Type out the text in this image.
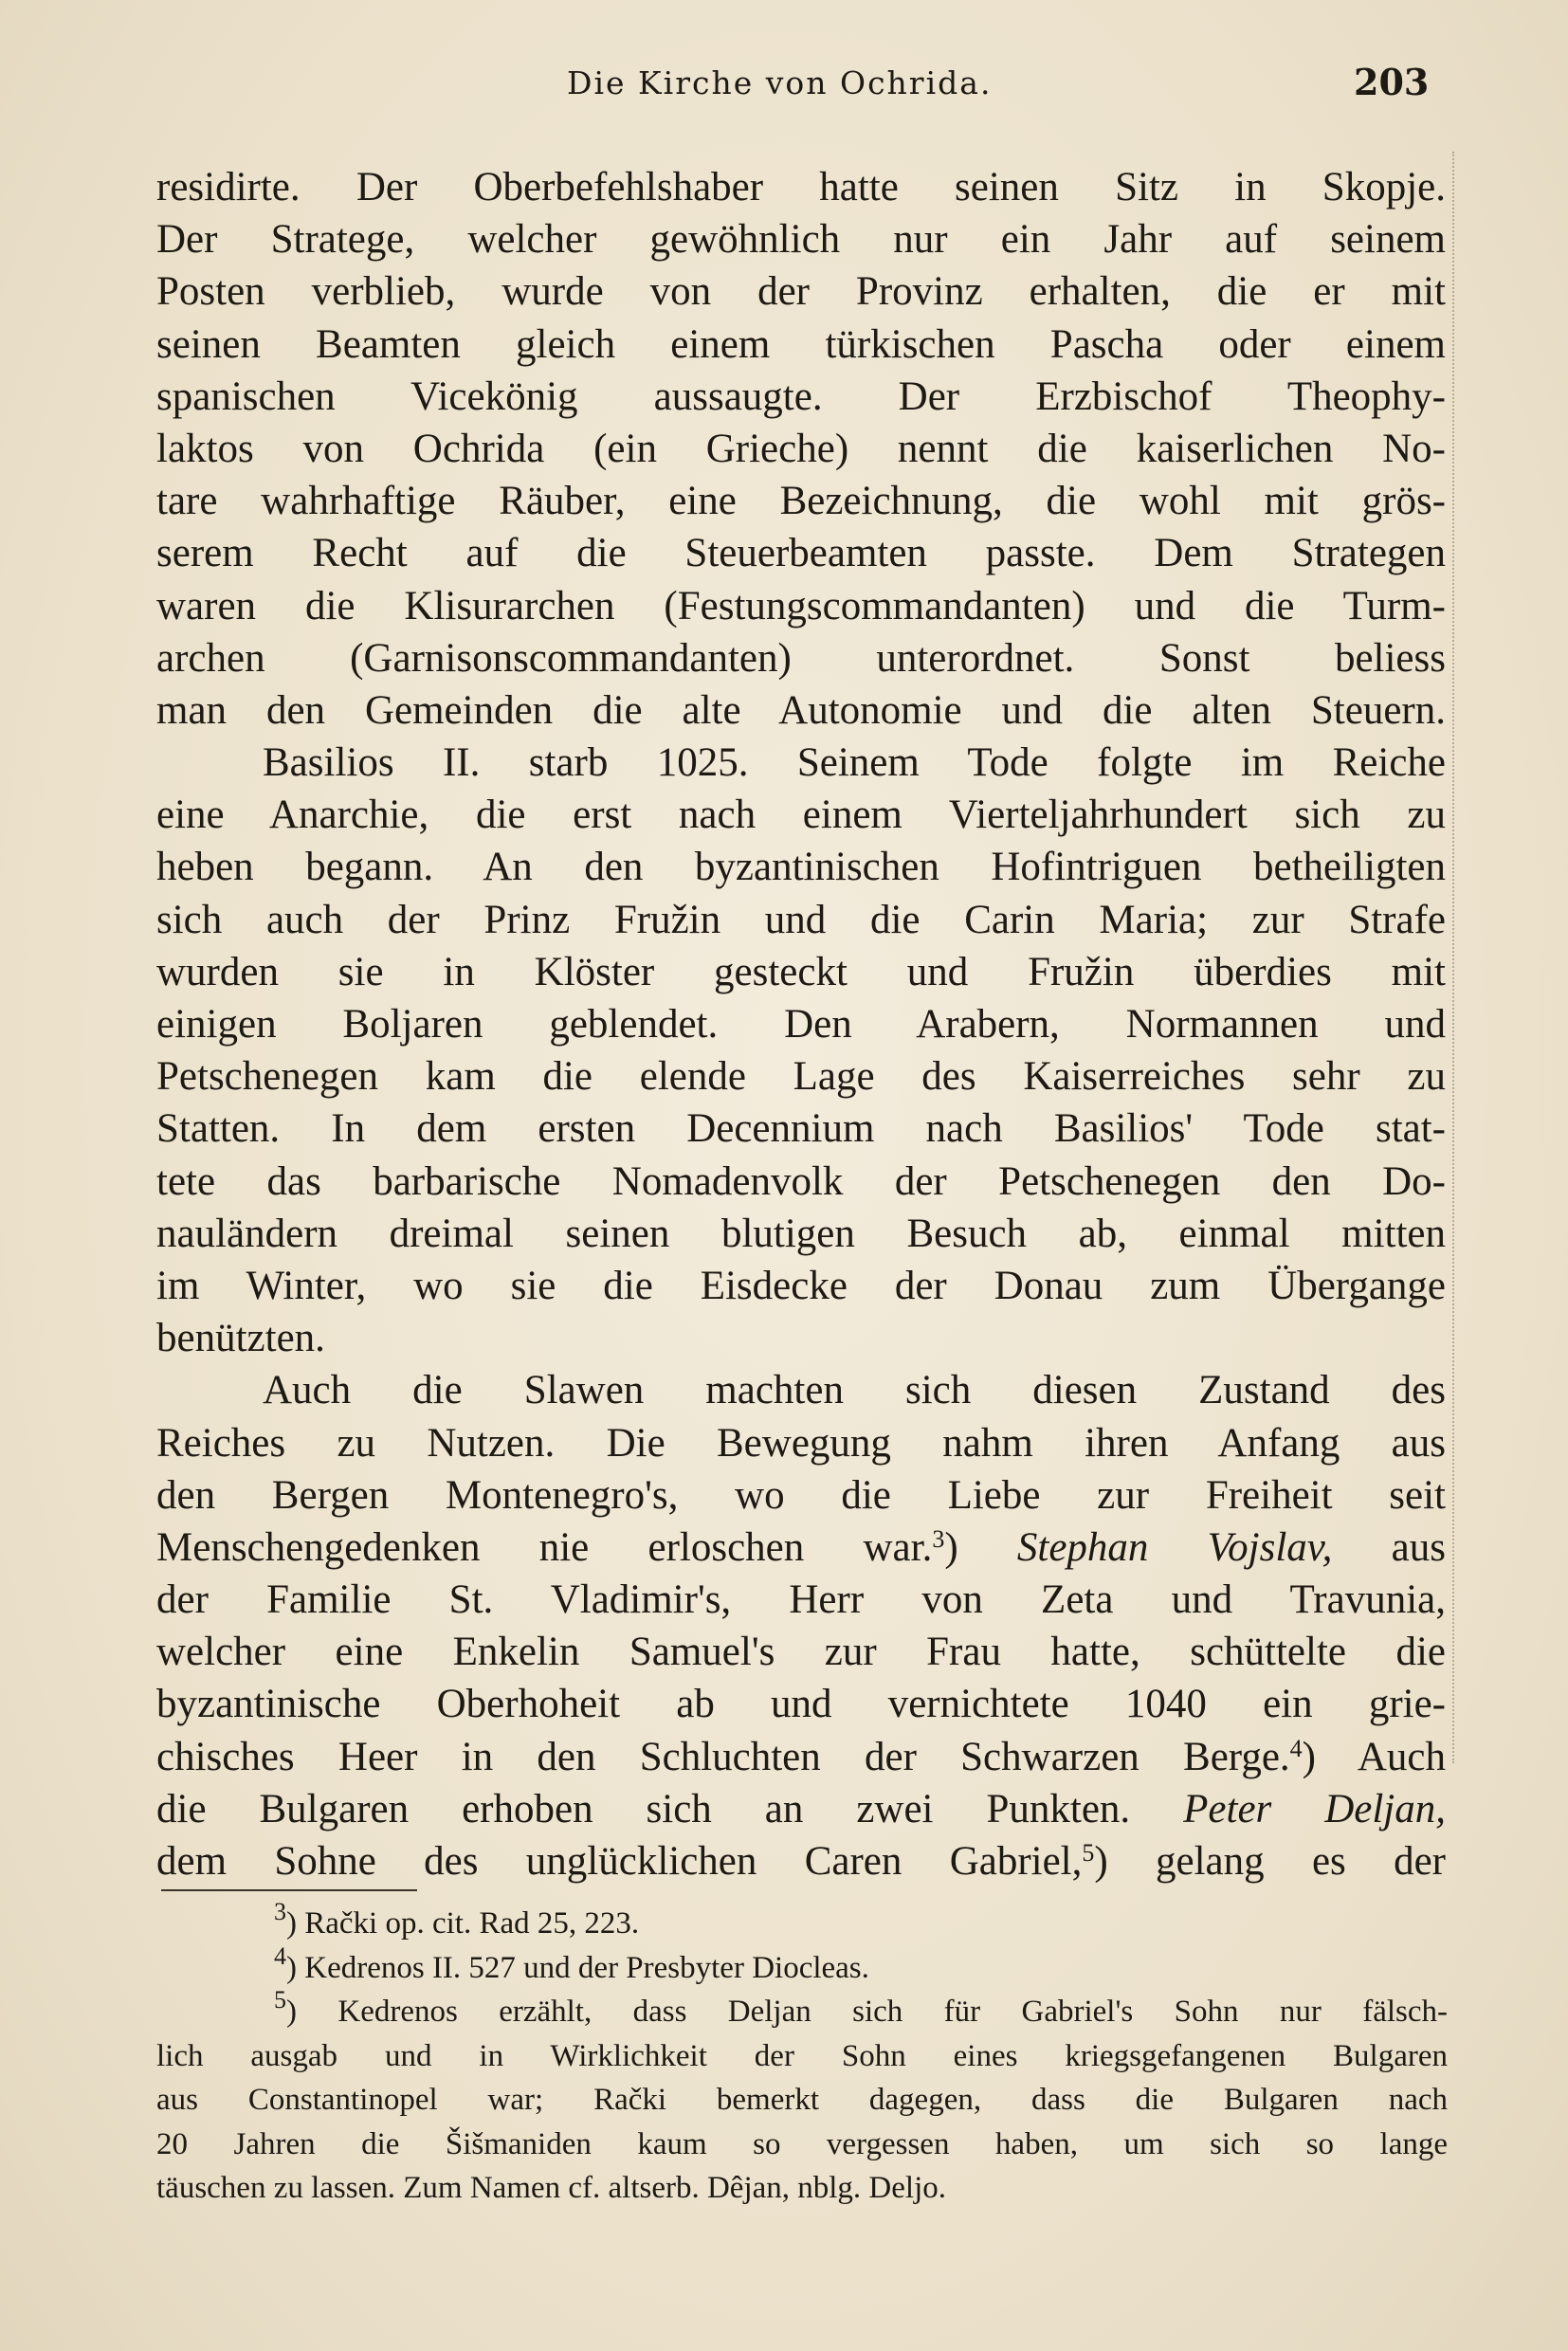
Die Kirche von Ochrida.	203
residirte. Der Oberbefehlshaber hatte seinen Sitz in Skopje.
Der Stratege, welcher gewöhnlich nur ein Jahr auf seinem
Posten verblieb, wurde von der Provinz erhalten, die er mit
seinen Beamten gleich einem türkischen Pascha oder einem
spanischen Vicekönig aussaugte. Der Erzbischof Theophy-
laktos von Ochrida (ein Grieche) nennt die kaiserlichen No-
tare wahrhaftige Räuber, eine Bezeichnung, die wohl mit grös-
serem Recht auf die Steuerbeamten passte. Dem Strategen
waren die Klisurarchen (Festungscommandanten) und die Turm-
archen (Garnisonscommandanten) unterordnet. Sonst beliess
man den Gemeinden die alte Autonomie und die alten Steuern.
Basilios II. starb 1025. Seinem Tode folgte im Reiche
eine Anarchie, die erst nach einem Vierteljahrhundert sich zu
heben begann. An den byzantinischen Hofintriguen betheiligten
sich auch der Prinz Fružin und die Carin Maria; zur Strafe
wurden sie in Klöster gesteckt und Fružin überdies mit
einigen Boljaren geblendet. Den Arabern, Normannen und
Petschenegen kam die elende Lage des Kaiserreiches sehr zu
Statten. In dem ersten Decennium nach Basilios' Tode stat-
tete das barbarische Nomadenvolk der Petschenegen den Do-
nauländern dreimal seinen blutigen Besuch ab, einmal mitten
im Winter, wo sie die Eisdecke der Donau zum Übergange
benützten.
Auch die Slawen machten sich diesen Zustand des
Reiches zu Nutzen. Die Bewegung nahm ihren Anfang aus
den Bergen Montenegro's, wo die Liebe zur Freiheit seit
Menschengedenken nie erloschen war.$^3$) Stephan Vojslav, aus
der Familie St. Vladimir's, Herr von Zeta und Travunia,
welcher eine Enkelin Samuel's zur Frau hatte, schüttelte die
byzantinische Oberhoheit ab und vernichtete 1040 ein grie-
chisches Heer in den Schluchten der Schwarzen Berge.$^4$) Auch
die Bulgaren erhoben sich an zwei Punkten. Peter Deljan,
dem Sohne des unglücklichen Caren Gabriel,$^5$) gelang es der
$^3$) Rački op. cit. Rad 25, 223.
$^4$) Kedrenos II. 527 und der Presbyter Diocleas.
$^5$) Kedrenos erzählt, dass Deljan sich für Gabriel's Sohn nur fälsch-
lich ausgab und in Wirklichkeit der Sohn eines kriegsgefangenen Bulgaren
aus Constantinopel war; Rački bemerkt dagegen, dass die Bulgaren nach
20 Jahren die Šišmaniden kaum so vergessen haben, um sich so lange
täuschen zu lassen. Zum Namen cf. altserb. Dêjan, nblg. Deljo.
